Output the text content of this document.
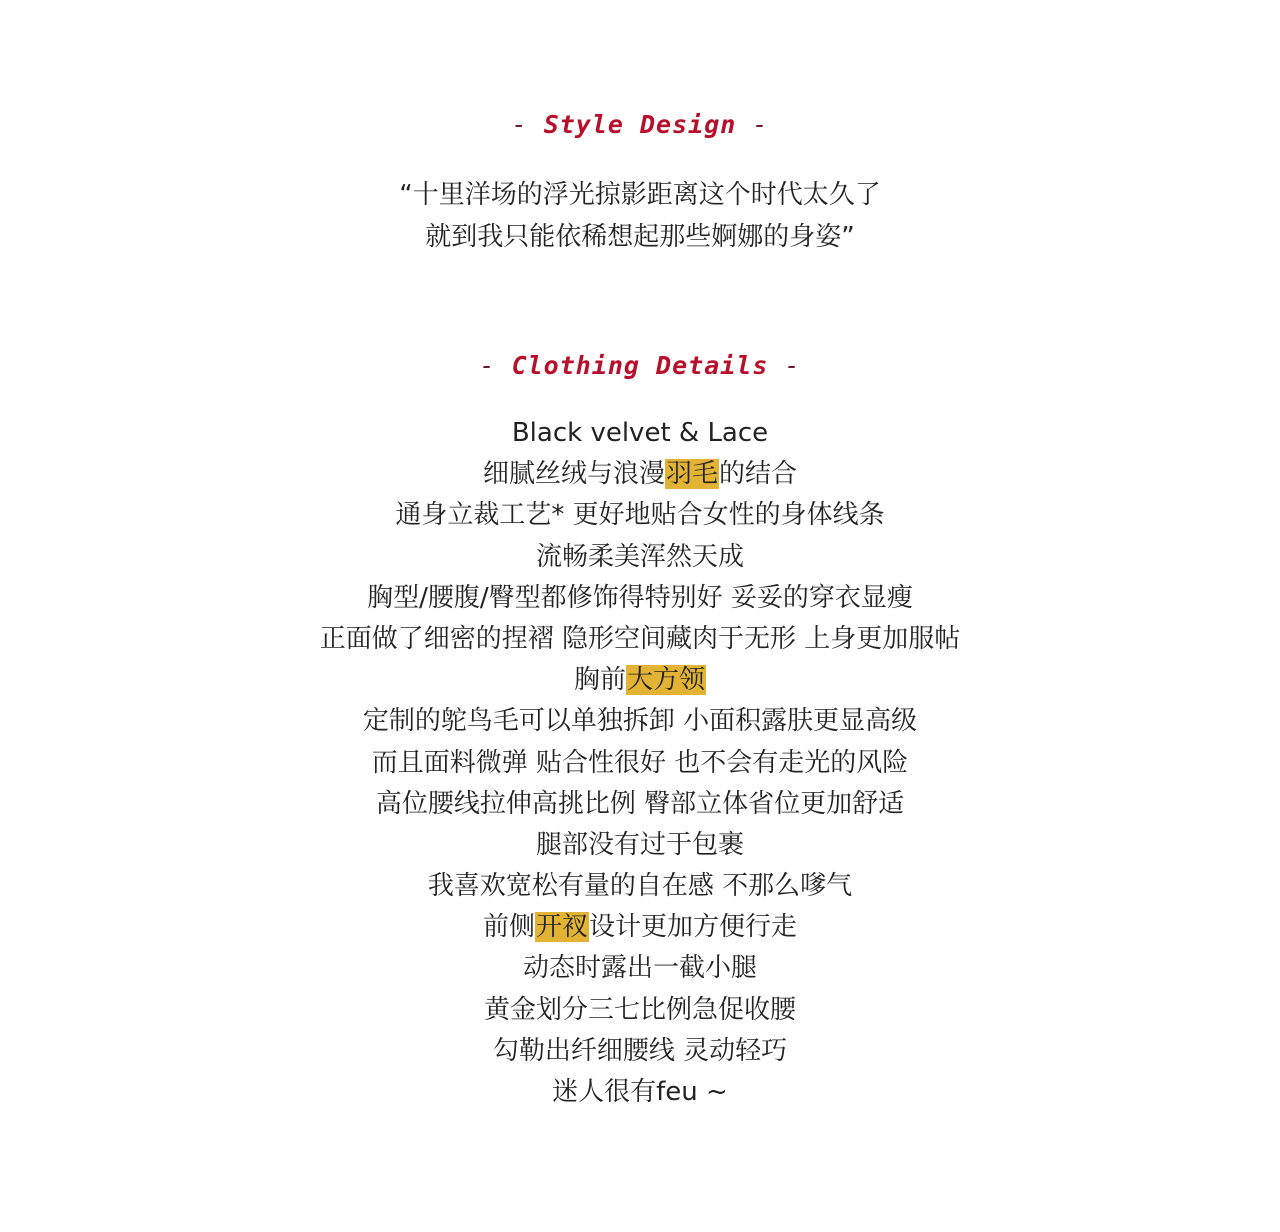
- Style Design -
“十里洋场的浮光掠影距离这个时代太久了
就到我只能依稀想起那些婀娜的身姿”
- Clothing Details -
Black velvet & Lace
细腻丝绒与浪漫羽毛的结合
通身立裁工艺* 更好地贴合女性的身体线条
流畅柔美浑然天成
胸型/腰腹/臀型都修饰得特别好 妥妥的穿衣显瘦
正面做了细密的捏褶 隐形空间藏肉于无形 上身更加服帖
胸前大方领
定制的鸵鸟毛可以单独拆卸 小面积露肤更显高级
而且面料微弹 贴合性很好 也不会有走光的风险
高位腰线拉伸高挑比例 臀部立体省位更加舒适
腿部没有过于包裹
我喜欢宽松有量的自在感 不那么嗲气
前侧开衩设计更加方便行走
动态时露出一截小腿
黄金划分三七比例急促收腰
勾勒出纤细腰线 灵动轻巧
迷人很有feu ~
